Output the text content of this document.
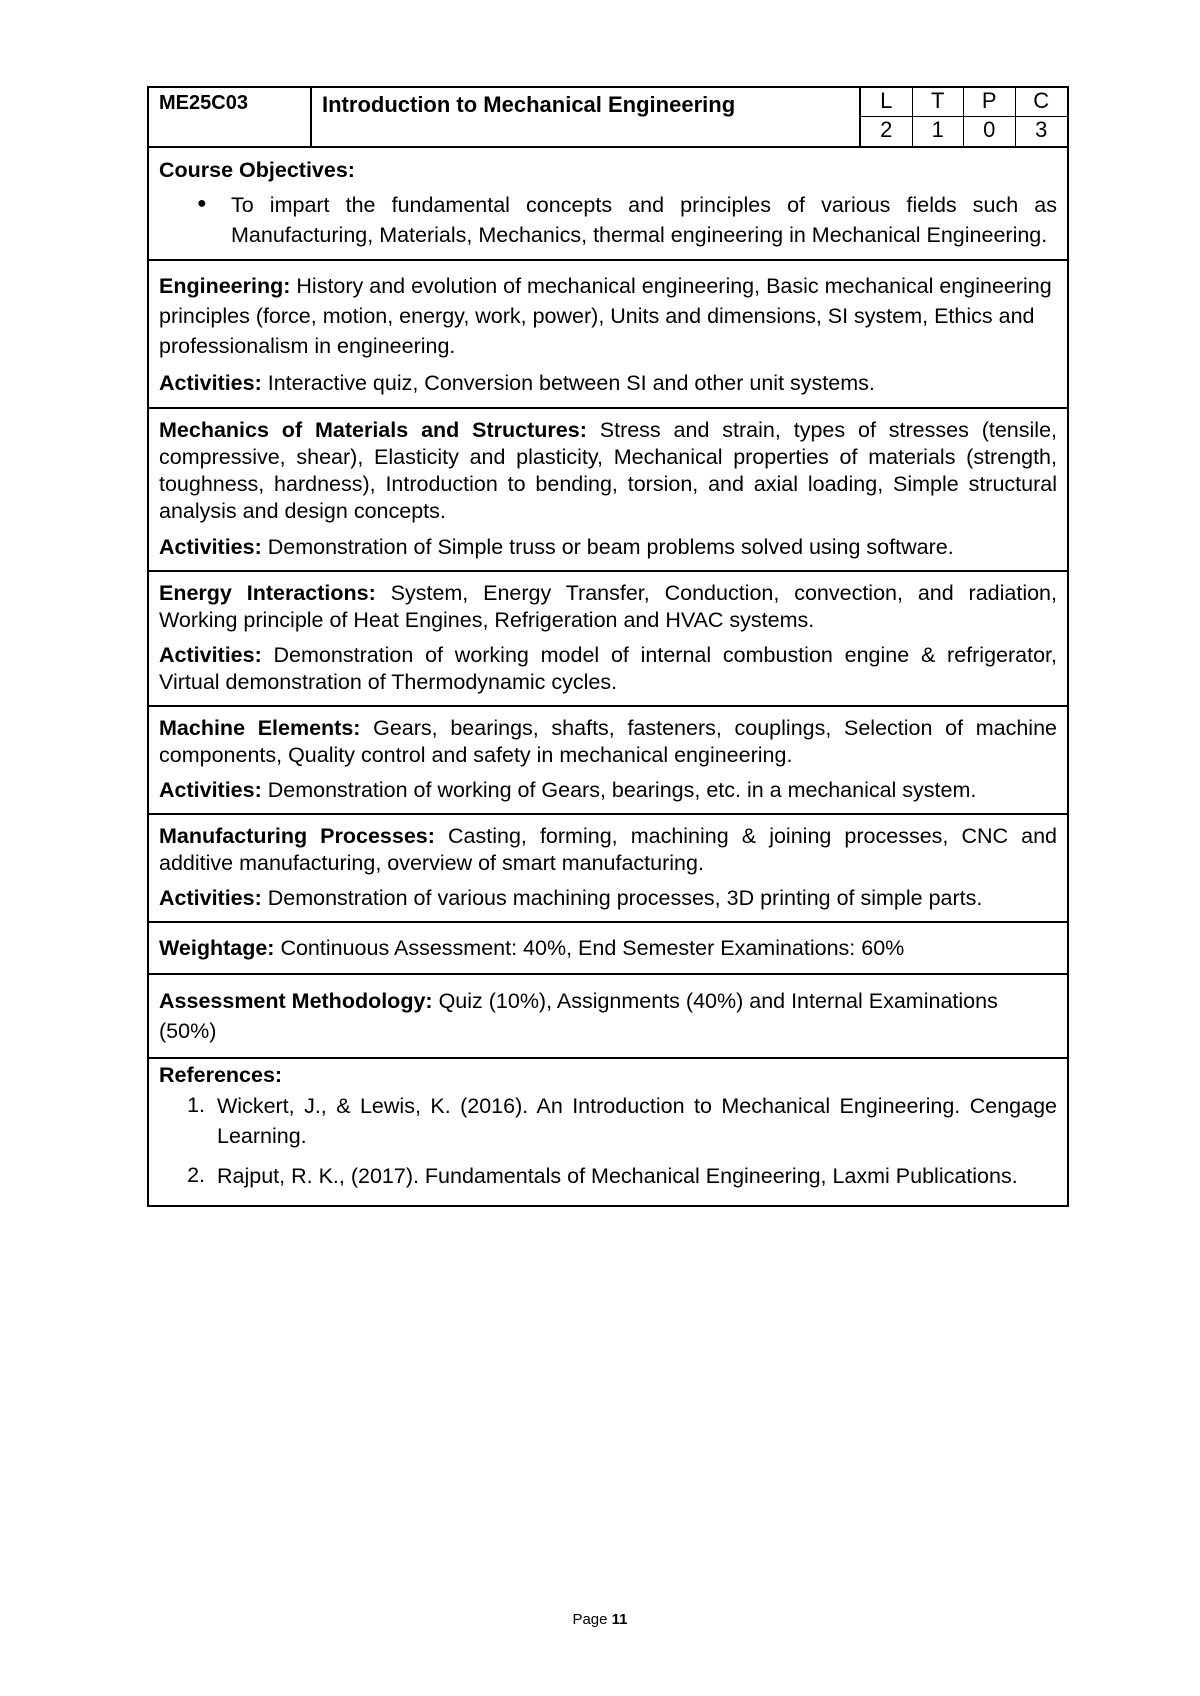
ME25C03	Introduction to Mechanical Engineering	L	T	P	C
2	1	0	3
Course Objectives:
●	To impart the fundamental concepts and principles of various fields such as Manufacturing, Materials, Mechanics, thermal engineering in Mechanical Engineering.

Engineering: History and evolution of mechanical engineering, Basic mechanical engineering principles (force, motion, energy, work, power), Units and dimensions, SI system, Ethics and professionalism in engineering.

Activities: Interactive quiz, Conversion between SI and other unit systems.

Mechanics of Materials and Structures: Stress and strain, types of stresses (tensile, compressive, shear), Elasticity and plasticity, Mechanical properties of materials (strength, toughness, hardness), Introduction to bending, torsion, and axial loading, Simple structural analysis and design concepts.

Activities: Demonstration of Simple truss or beam problems solved using software.

Energy Interactions: System, Energy Transfer, Conduction, convection, and radiation, Working principle of Heat Engines, Refrigeration and HVAC systems.

Activities: Demonstration of working model of internal combustion engine & refrigerator, Virtual demonstration of Thermodynamic cycles.

Machine Elements: Gears, bearings, shafts, fasteners, couplings, Selection of machine components, Quality control and safety in mechanical engineering.

Activities: Demonstration of working of Gears, bearings, etc. in a mechanical system.

Manufacturing Processes: Casting, forming, machining & joining processes, CNC and additive manufacturing, overview of smart manufacturing.

Activities: Demonstration of various machining processes, 3D printing of simple parts.

Weightage: Continuous Assessment: 40%, End Semester Examinations: 60%
Assessment Methodology: Quiz (10%), Assignments (40%) and Internal Examinations (50%)
References:
1. Wickert, J., & Lewis, K. (2016). An Introduction to Mechanical Engineering. Cengage Learning.
2. Rajput, R. K., (2017). Fundamentals of Mechanical Engineering, Laxmi Publications.
Page 11
